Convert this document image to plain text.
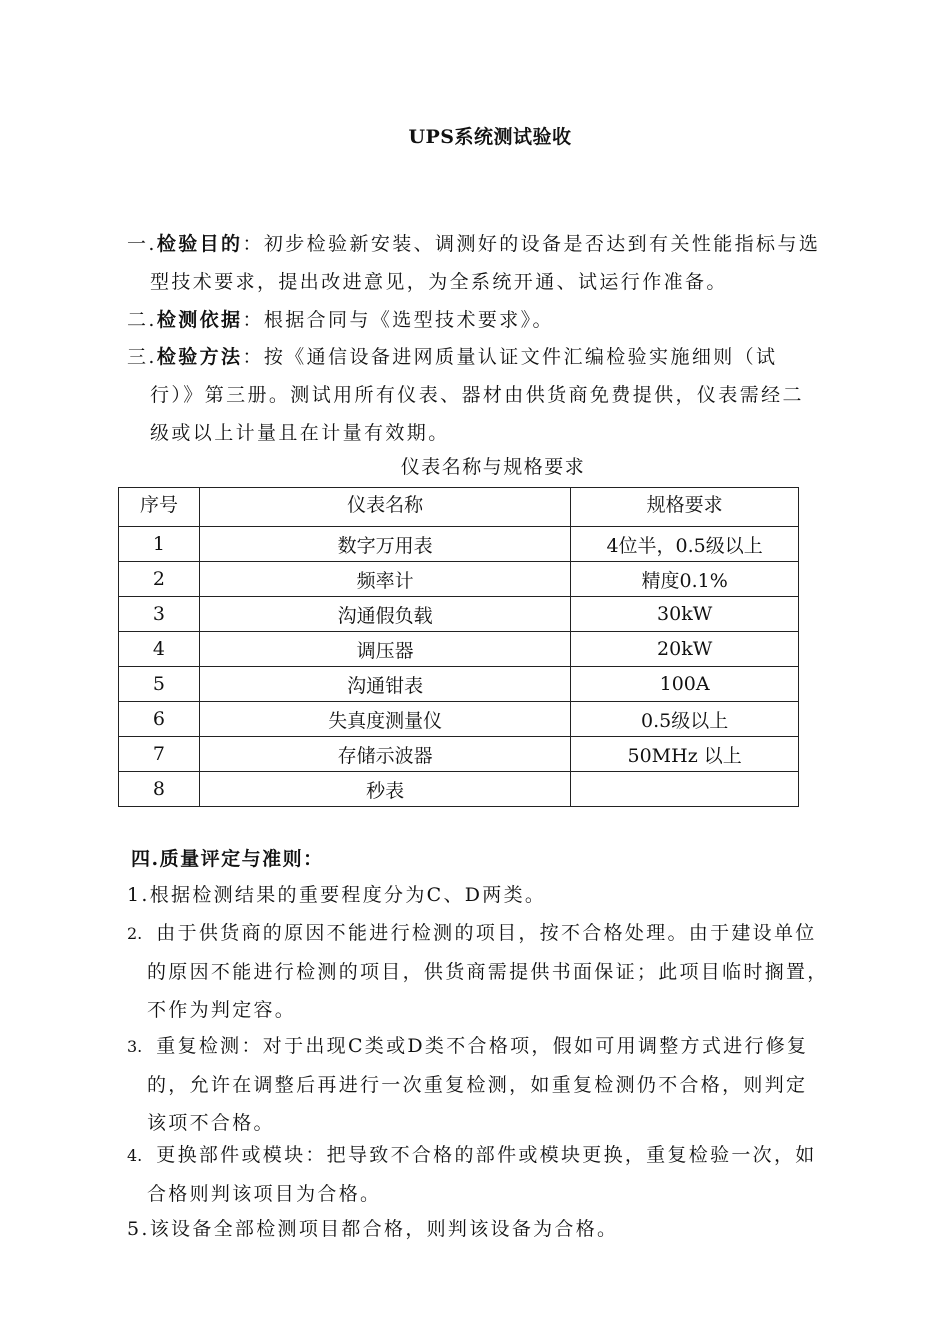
UPS系统测试验收
一.检验目的：初步检验新安装、调测好的设备是否达到有关性能指标与选
型技术要求，提出改进意见，为全系统开通、试运行作准备。
二.检测依据：根据合同与《选型技术要求》。
三.检验方法：按《通信设备进网质量认证文件汇编检验实施细则（试
行）》第三册。测试用所有仪表、器材由供货商免费提供，仪表需经二
级或以上计量且在计量有效期。
仪表名称与规格要求
序号	仪表名称	规格要求
1	数字万用表	4位半，0.5级以上
2	频率计	精度0.1%
3	沟通假负载	30kW
4	调压器	20kW
5	沟通钳表	100A
6	失真度测量仪	0.5级以上
7	存储示波器	50MHz 以上
8	秒表	
四.质量评定与准则：
1.根据检测结果的重要程度分为C、D两类。
2. 由于供货商的原因不能进行检测的项目，按不合格处理。由于建设单位
的原因不能进行检测的项目，供货商需提供书面保证；此项目临时搁置，
不作为判定容。
3. 重复检测：对于出现C类或D类不合格项，假如可用调整方式进行修复
的，允许在调整后再进行一次重复检测，如重复检测仍不合格，则判定
该项不合格。
4. 更换部件或模块：把导致不合格的部件或模块更换，重复检验一次，如
合格则判该项目为合格。
5.该设备全部检测项目都合格，则判该设备为合格。
